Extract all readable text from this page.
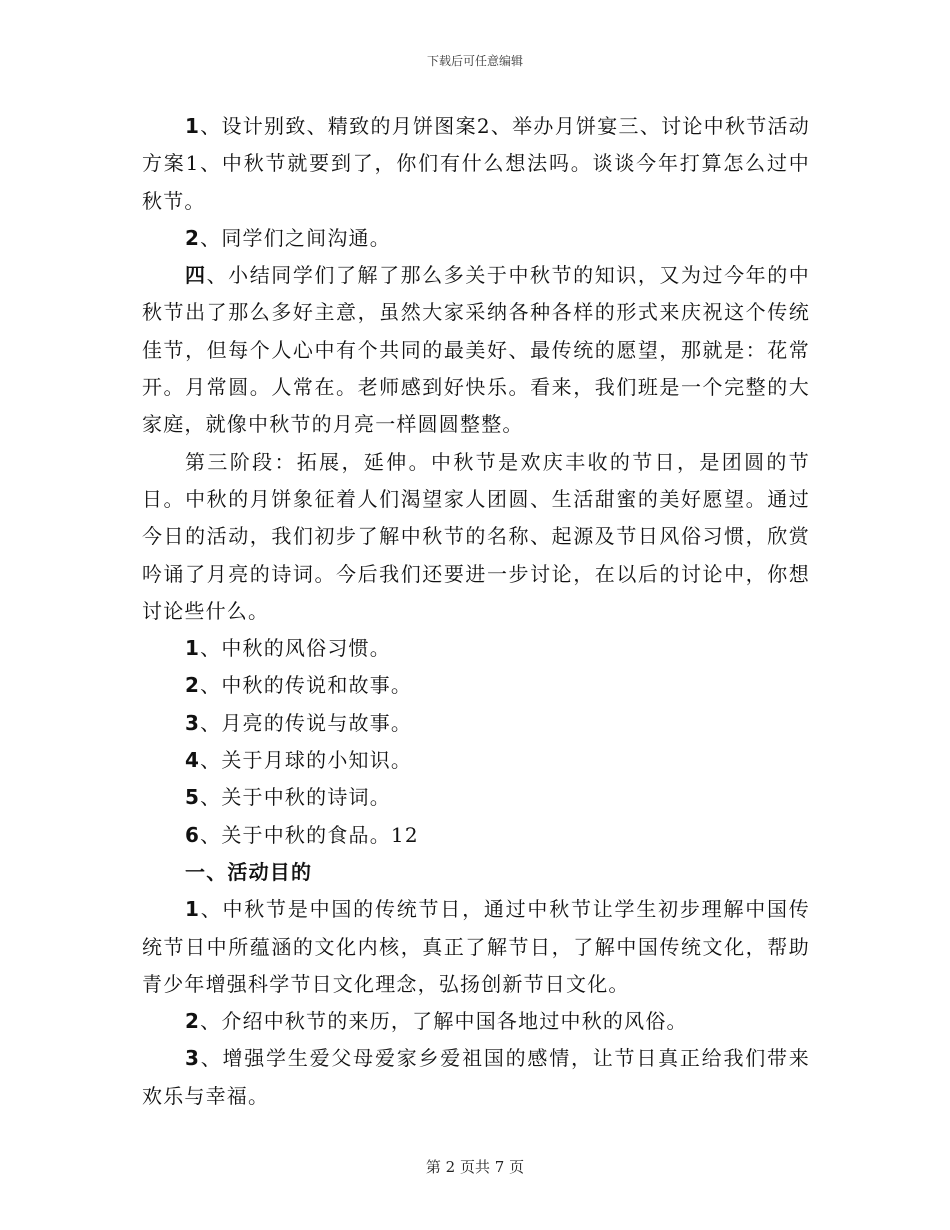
下载后可任意编辑

1、设计别致、精致的月饼图案2、举办月饼宴三、讨论中秋节活动方案1、中秋节就要到了，你们有什么想法吗。谈谈今年打算怎么过中秋节。

2、同学们之间沟通。

四、小结同学们了解了那么多关于中秋节的知识，又为过今年的中秋节出了那么多好主意，虽然大家采纳各种各样的形式来庆祝这个传统佳节，但每个人心中有个共同的最美好、最传统的愿望，那就是：花常开。月常圆。人常在。老师感到好快乐。看来，我们班是一个完整的大家庭，就像中秋节的月亮一样圆圆整整。

第三阶段：拓展，延伸。中秋节是欢庆丰收的节日，是团圆的节日。中秋的月饼象征着人们渴望家人团圆、生活甜蜜的美好愿望。通过今日的活动，我们初步了解中秋节的名称、起源及节日风俗习惯，欣赏吟诵了月亮的诗词。今后我们还要进一步讨论，在以后的讨论中，你想讨论些什么。

1、中秋的风俗习惯。

2、中秋的传说和故事。

3、月亮的传说与故事。

4、关于月球的小知识。

5、关于中秋的诗词。

6、关于中秋的食品。12

一、活动目的

1、中秋节是中国的传统节日，通过中秋节让学生初步理解中国传统节日中所蕴涵的文化内核，真正了解节日，了解中国传统文化，帮助青少年增强科学节日文化理念，弘扬创新节日文化。

2、介绍中秋节的来历，了解中国各地过中秋的风俗。

3、增强学生爱父母爱家乡爱祖国的感情，让节日真正给我们带来欢乐与幸福。

第 2 页共 7 页
